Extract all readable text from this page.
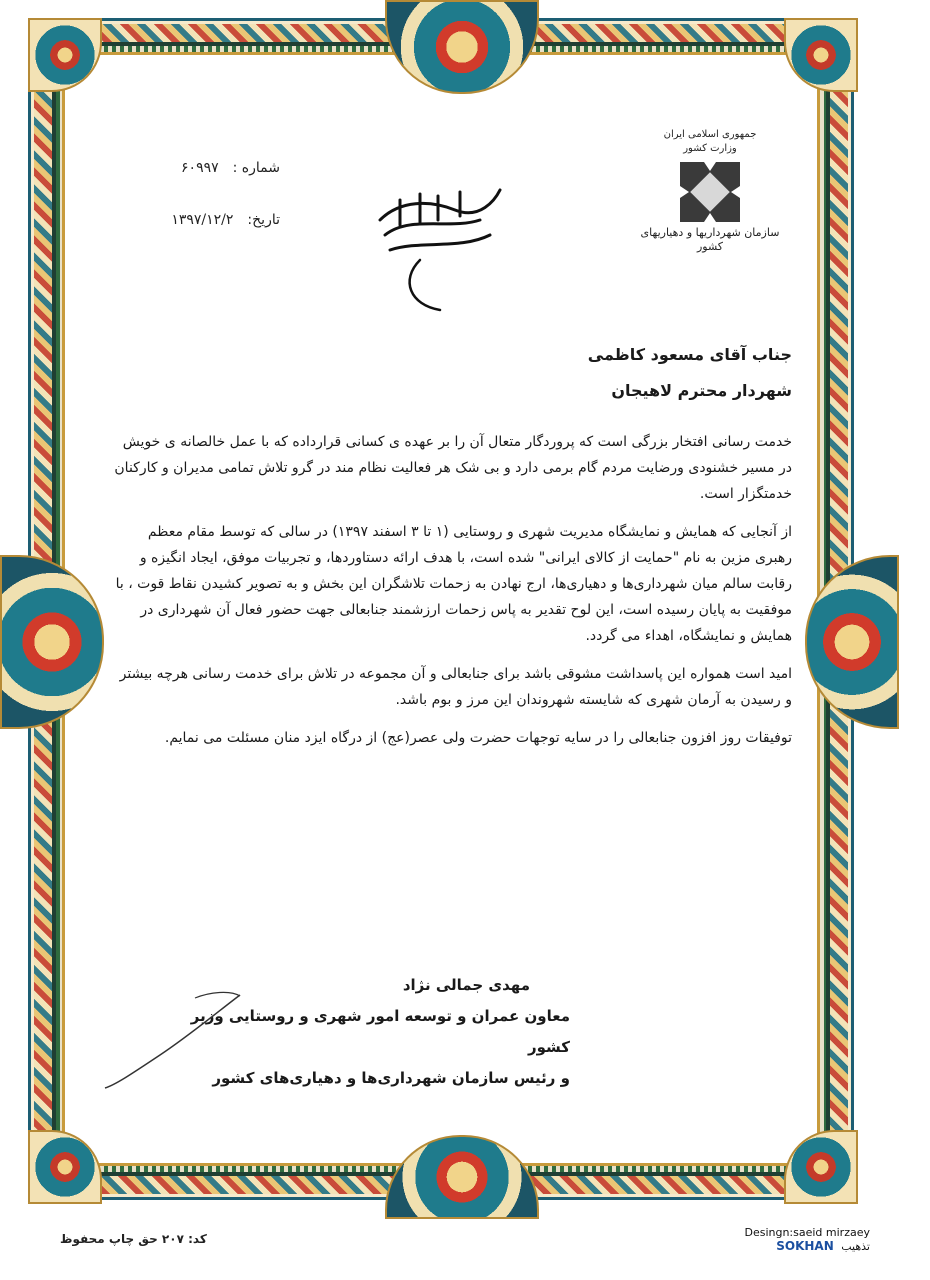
جمهوری اسلامی ایران
وزارت کشور
سازمان شهرداریها و دهیاریهای کشور
شماره :
۶۰۹۹۷
تاریخ:
۱۳۹۷/۱۲/۲
جناب آقای مسعود کاظمی
شهردار محترم لاهیجان

خدمت رسانی افتخار بزرگی است که پروردگار متعال آن را بر عهده ی کسانی قرارداده که با عمل خالصانه ی خویش در مسیر خشنودی ورضایت مردم گام برمی دارد و بی شک هر فعالیت نظام مند در گرو تلاش تمامی مدیران و کارکنان خدمتگزار است.

از آنجایی که همایش و نمایشگاه مدیریت شهری و روستایی (۱ تا ۳ اسفند ۱۳۹۷) در سالی که توسط مقام معظم رهبری مزین به نام "حمایت از کالای ایرانی" شده است، با هدف ارائه دستاوردها، و تجربیات موفق، ایجاد انگیزه و رقابت سالم میان شهرداری‌ها و دهیاری‌ها، ارج نهادن به زحمات تلاشگران این بخش و به تصویر کشیدن نقاط قوت ، با موفقیت به پایان رسیده است، این لوح تقدیر به پاس زحمات ارزشمند جنابعالی جهت حضور فعال آن شهرداری در همایش و نمایشگاه، اهداء می گردد.

امید است همواره این پاسداشت مشوقی باشد برای جنابعالی و آن مجموعه در تلاش برای خدمت رسانی هرچه بیشتر و رسیدن به آرمان شهری که شایسته شهروندان این مرز و بوم باشد.

توفیقات روز افزون جنابعالی را در سایه توجهات حضرت ولی عصر(عج) از درگاه ایزد منان مسئلت می نمایم.

مهدی جمالی نژاد
معاون عمران و توسعه امور شهری و روستایی وزیر کشور
و رئیس سازمان شهرداری‌ها و دهیاری‌های کشور
کد: ۲۰۷ حق چاپ محفوظ	Desingn:saeid mirzaey
SOKHAN تذهیب
